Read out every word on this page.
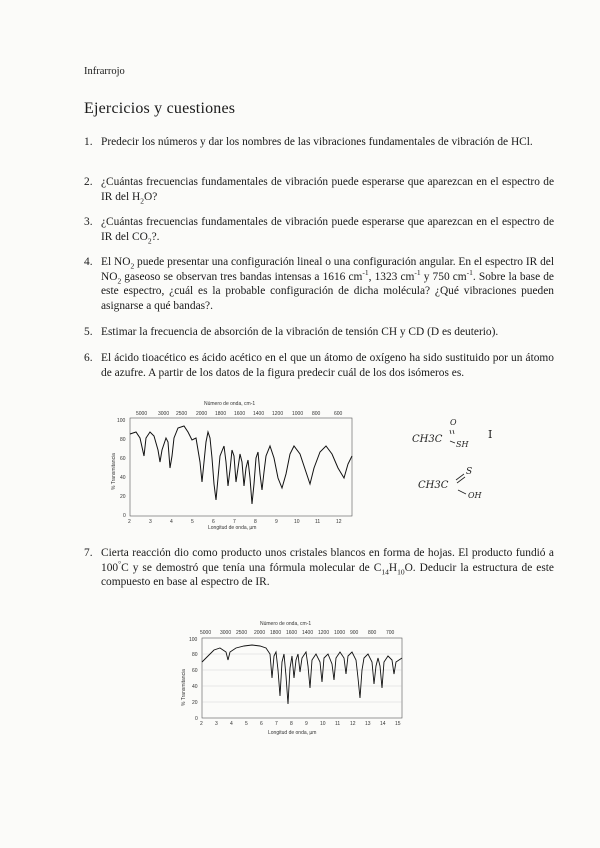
Infrarrojo
Ejercicios y cuestiones
1. Predecir los números y dar los nombres de las vibraciones fundamentales de vibración de HCl.
2. ¿Cuántas frecuencias fundamentales de vibración puede esperarse que aparezcan en el espectro de IR del $H_2O$?
3. ¿Cuántas frecuencias fundamentales de vibración puede esperarse que aparezcan en el espectro de IR del $CO_2$?.
4. El $NO_2$ puede presentar una configuración lineal o una configuración angular. En el espectro IR del $NO_2$ gaseoso se observan tres bandas intensas a 1616 $cm^{-1}$, 1323 $cm^{-1}$ y 750 $cm^{-1}$. Sobre la base de este espectro, ¿cuál es la probable configuración de dicha molécula? ¿Qué vibraciones pueden asignarse a qué bandas?.
5. Estimar la frecuencia de absorción de la vibración de tensión CH y CD (D es deuterio).
6. El ácido tioacético es ácido acético en el que un átomo de oxígeno ha sido sustituido por un átomo de azufre. A partir de los datos de la figura predecir cuál de los dos isómeros es.
Número de onda, cm-1
5000 3000 2500 2000 1800 1600 1400 1200 1000 800	600
100
80
60
40
20
0
% Transmitancia
2	3	4	5	6	7	8	9	10	11	12
Longitud de onda, µm
CH3C
O
SH
I
CH3C
S
OH
7. Cierta reacción dio como producto unos cristales blancos en forma de hojas. El producto fundió a 100°C y se demostró que tenía una fórmula molecular de $C_{14}H_{10}O$. Deducir la estructura de este compuesto en base al espectro de IR.
Número de onda, cm-1
5000 3000 2500 2000 1800 1600 1400 1200 1000 900 800 700
100
80
60
40
20
0
% Transmitancia
2 3 4 5 6 7 8 9 10 11 12 13 14 15
Longitud de onda, µm
